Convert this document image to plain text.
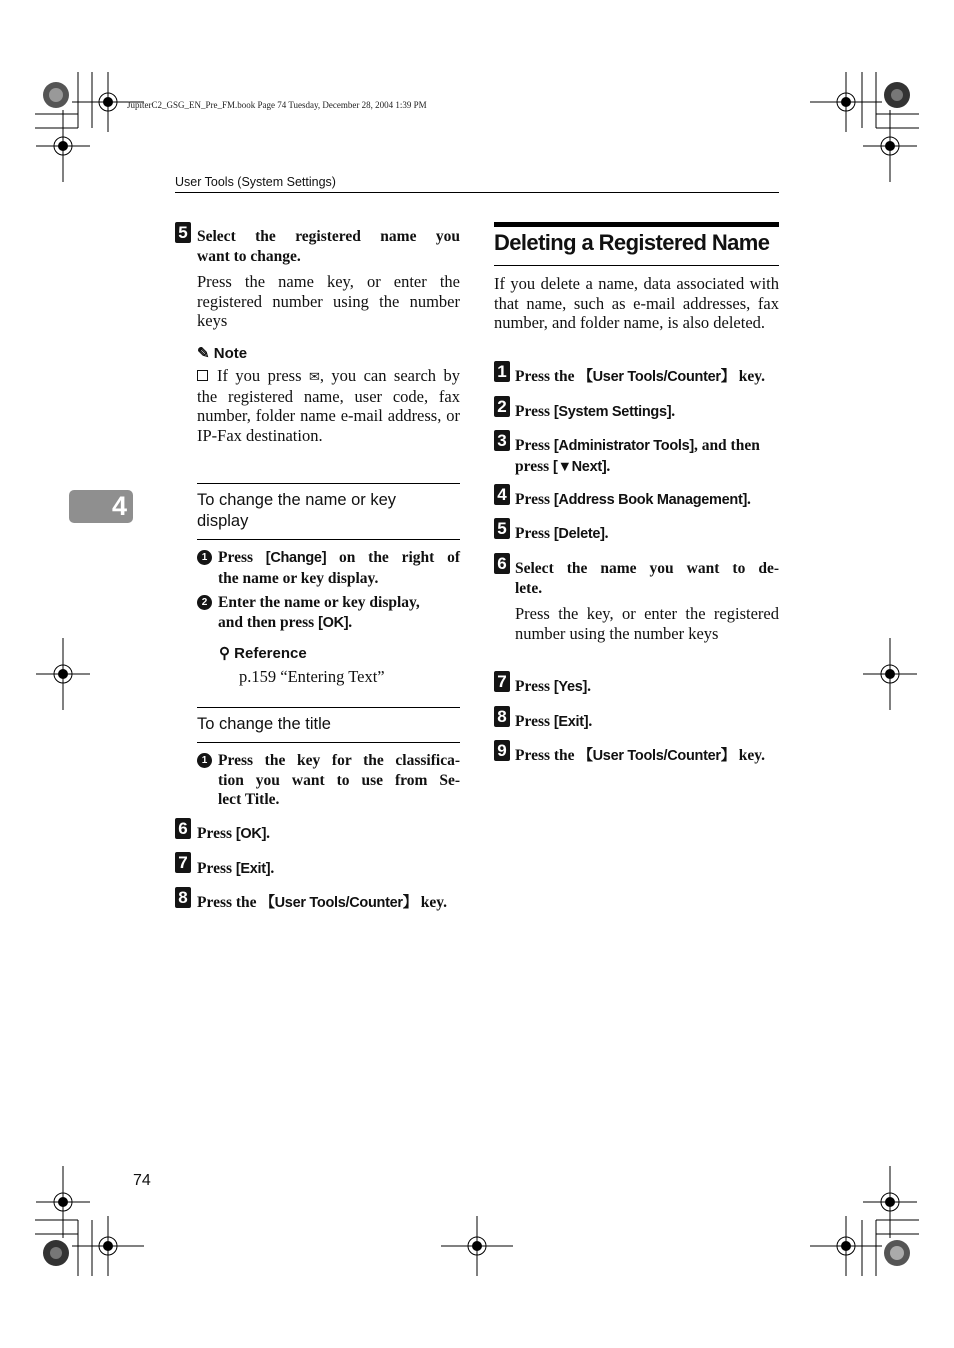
JupiterC2_GSG_EN_Pre_FM.book Page 74 Tuesday, December 28, 2004 1:39 PM
User Tools (System Settings)
4
5 Select the registered name you
want to change.
Press the name key, or enter the registered number using the number keys
✎ Note
If you press ✉, you can search by the registered name, user code, fax number, folder name e-mail address, or IP-Fax destination.
To change the name or key
display
1 Press [Change] on the right of
the name or key display.
2 Enter the name or key display,
and then press [OK].
⚲ Reference
p.159 “Entering Text”
To change the title
1 Press the key for the classifica-
tion you want to use from Se-
lect Title.
6 Press [OK].
7 Press [Exit].
8 Press the 【User Tools/Counter】 key.
Deleting a Registered Name
If you delete a name, data associated with that name, such as e-mail addresses, fax number, and folder name, is also deleted.
1 Press the 【User Tools/Counter】 key.
2 Press [System Settings].
3 Press [Administrator Tools], and then
press [▼Next].
4 Press [Address Book Management].
5 Press [Delete].
6 Select the name you want to de-
lete.
Press the key, or enter the registered number using the number keys
7 Press [Yes].
8 Press [Exit].
9 Press the 【User Tools/Counter】 key.
74
